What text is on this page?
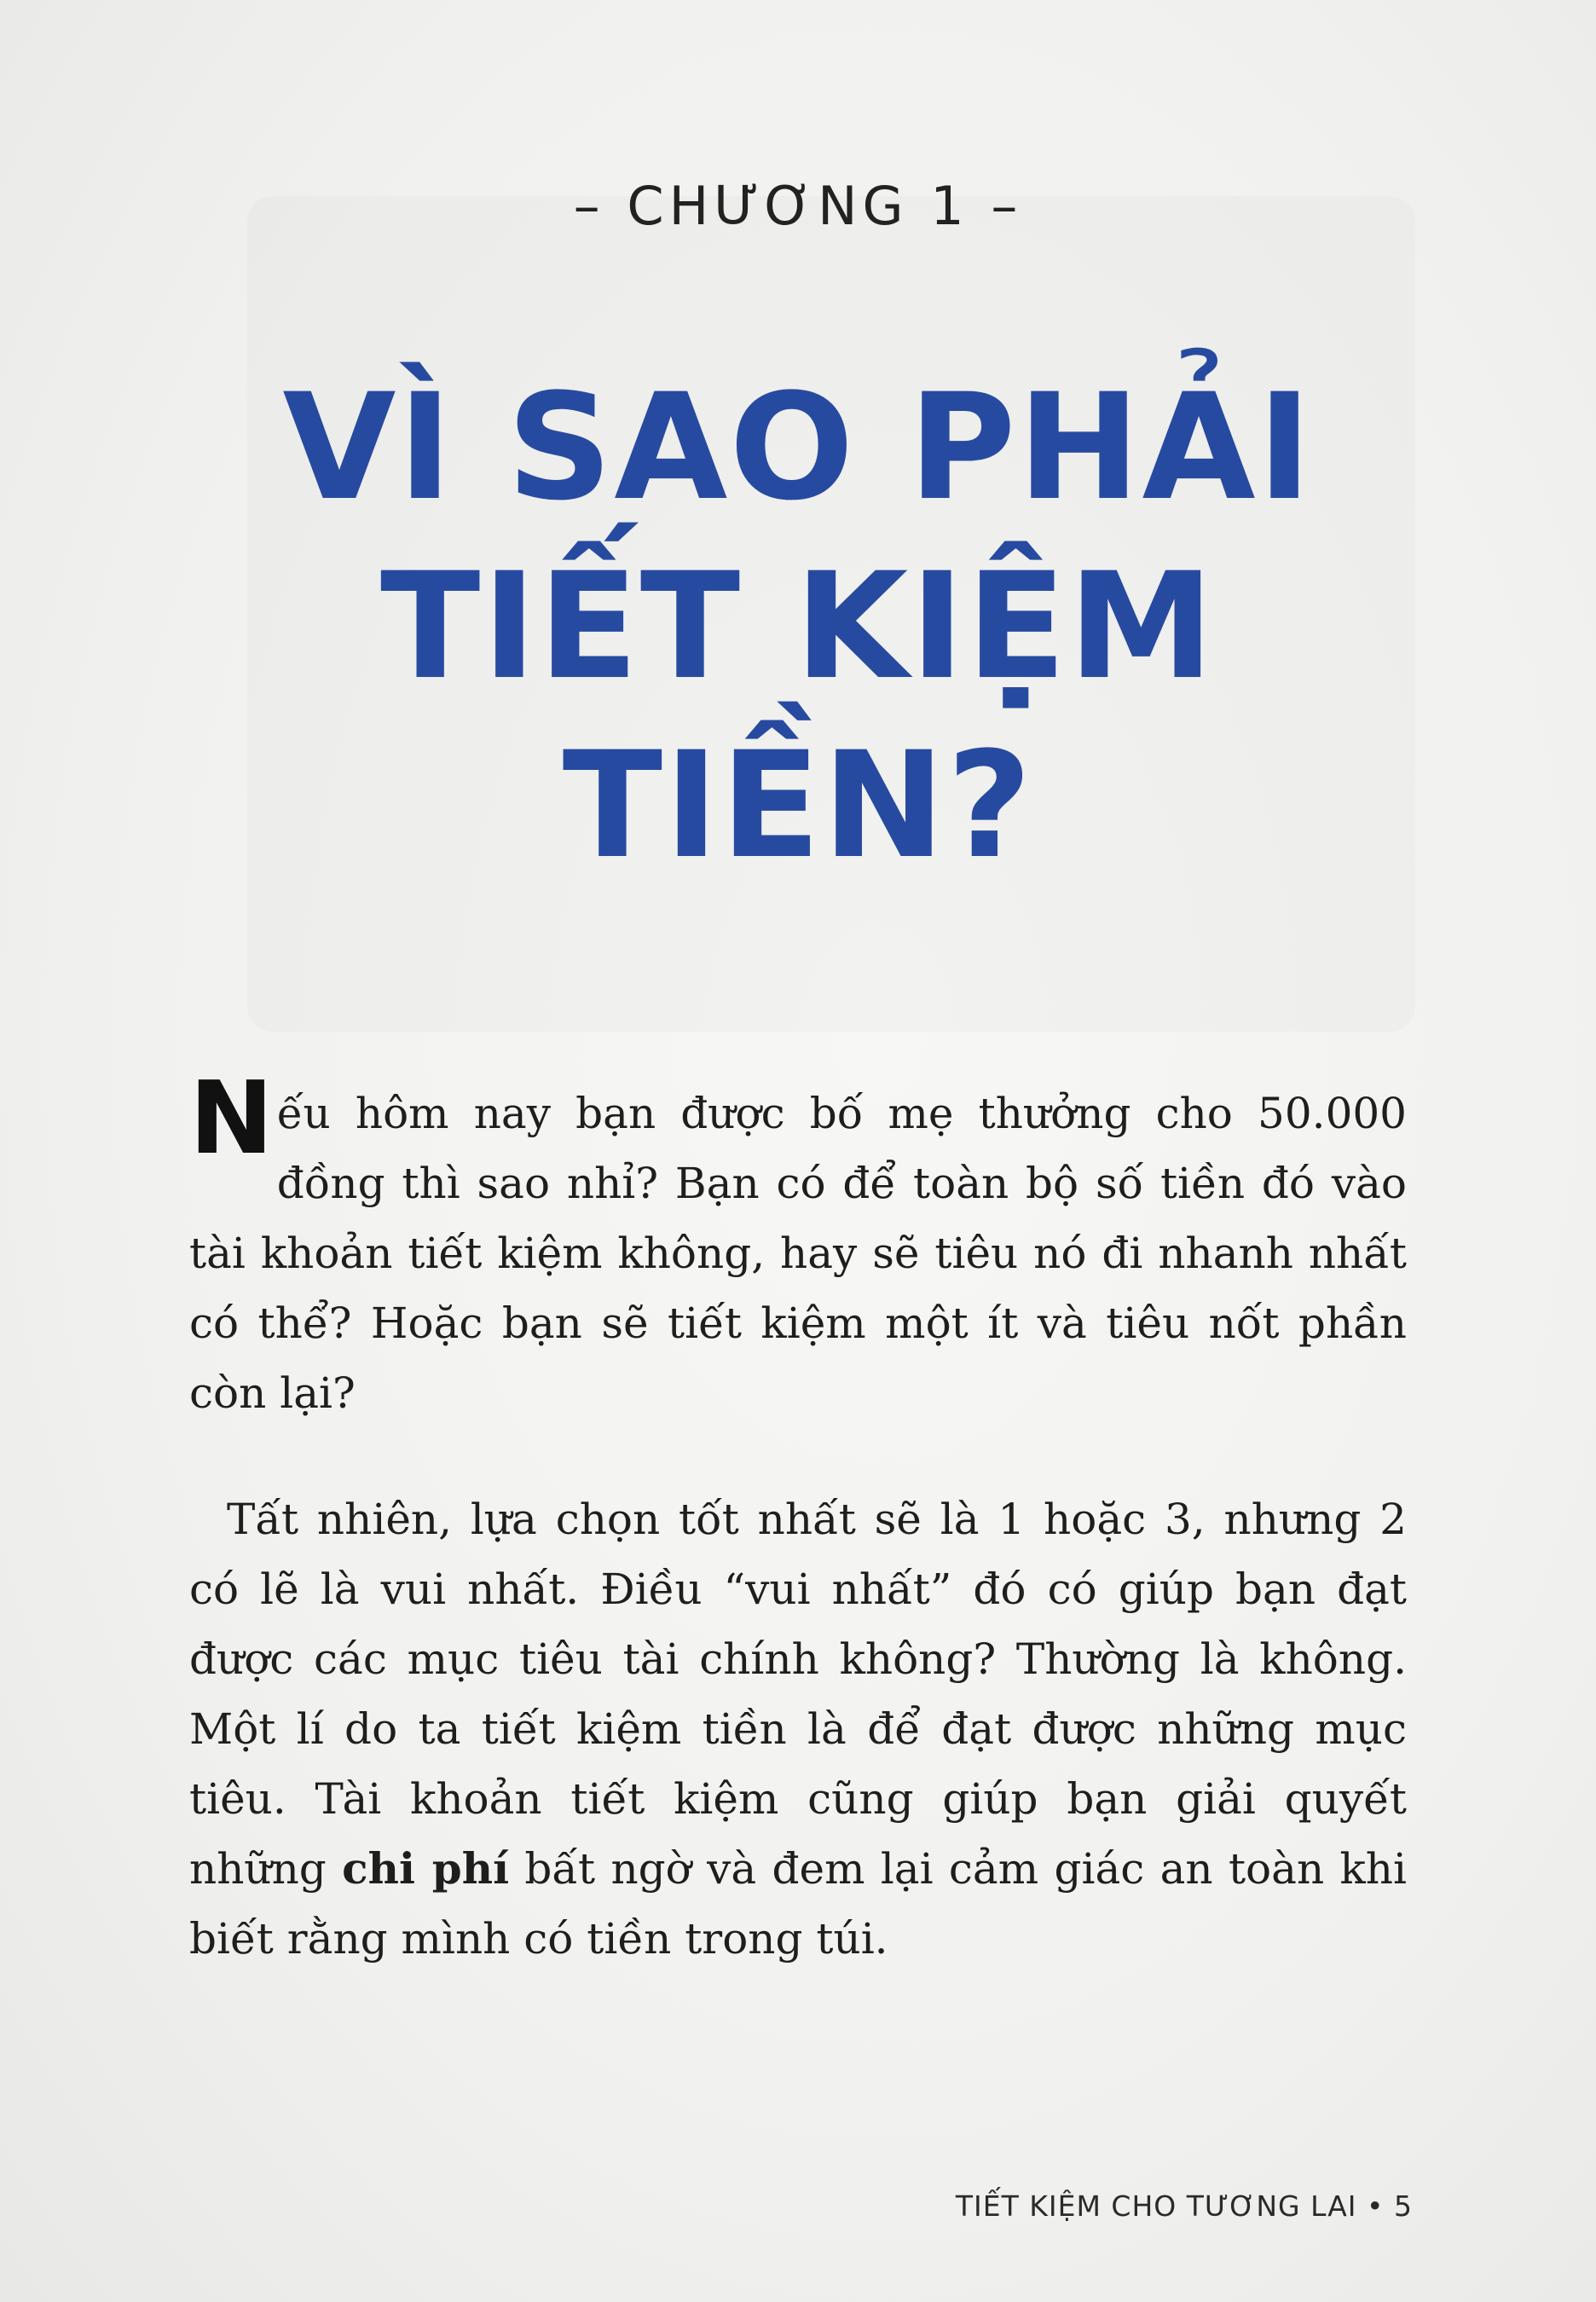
– CHƯƠNG 1 –
VÌ SAO PHẢI
TIẾT KIỆM
TIỀN?

Nếu hôm nay bạn được bố mẹ thưởng cho 50.000 đồng thì sao nhỉ? Bạn có để toàn bộ số tiền đó vào tài khoản tiết kiệm không, hay sẽ tiêu nó đi nhanh nhất có thể? Hoặc bạn sẽ tiết kiệm một ít và tiêu nốt phần còn lại?

Tất nhiên, lựa chọn tốt nhất sẽ là 1 hoặc 3, nhưng 2 có lẽ là vui nhất. Điều “vui nhất” đó có giúp bạn đạt được các mục tiêu tài chính không? Thường là không. Một lí do ta tiết kiệm tiền là để đạt được những mục tiêu. Tài khoản tiết kiệm cũng giúp bạn giải quyết những chi phí bất ngờ và đem lại cảm giác an toàn khi biết rằng mình có tiền trong túi.

TIẾT KIỆM CHO TƯƠNG LAI • 5
